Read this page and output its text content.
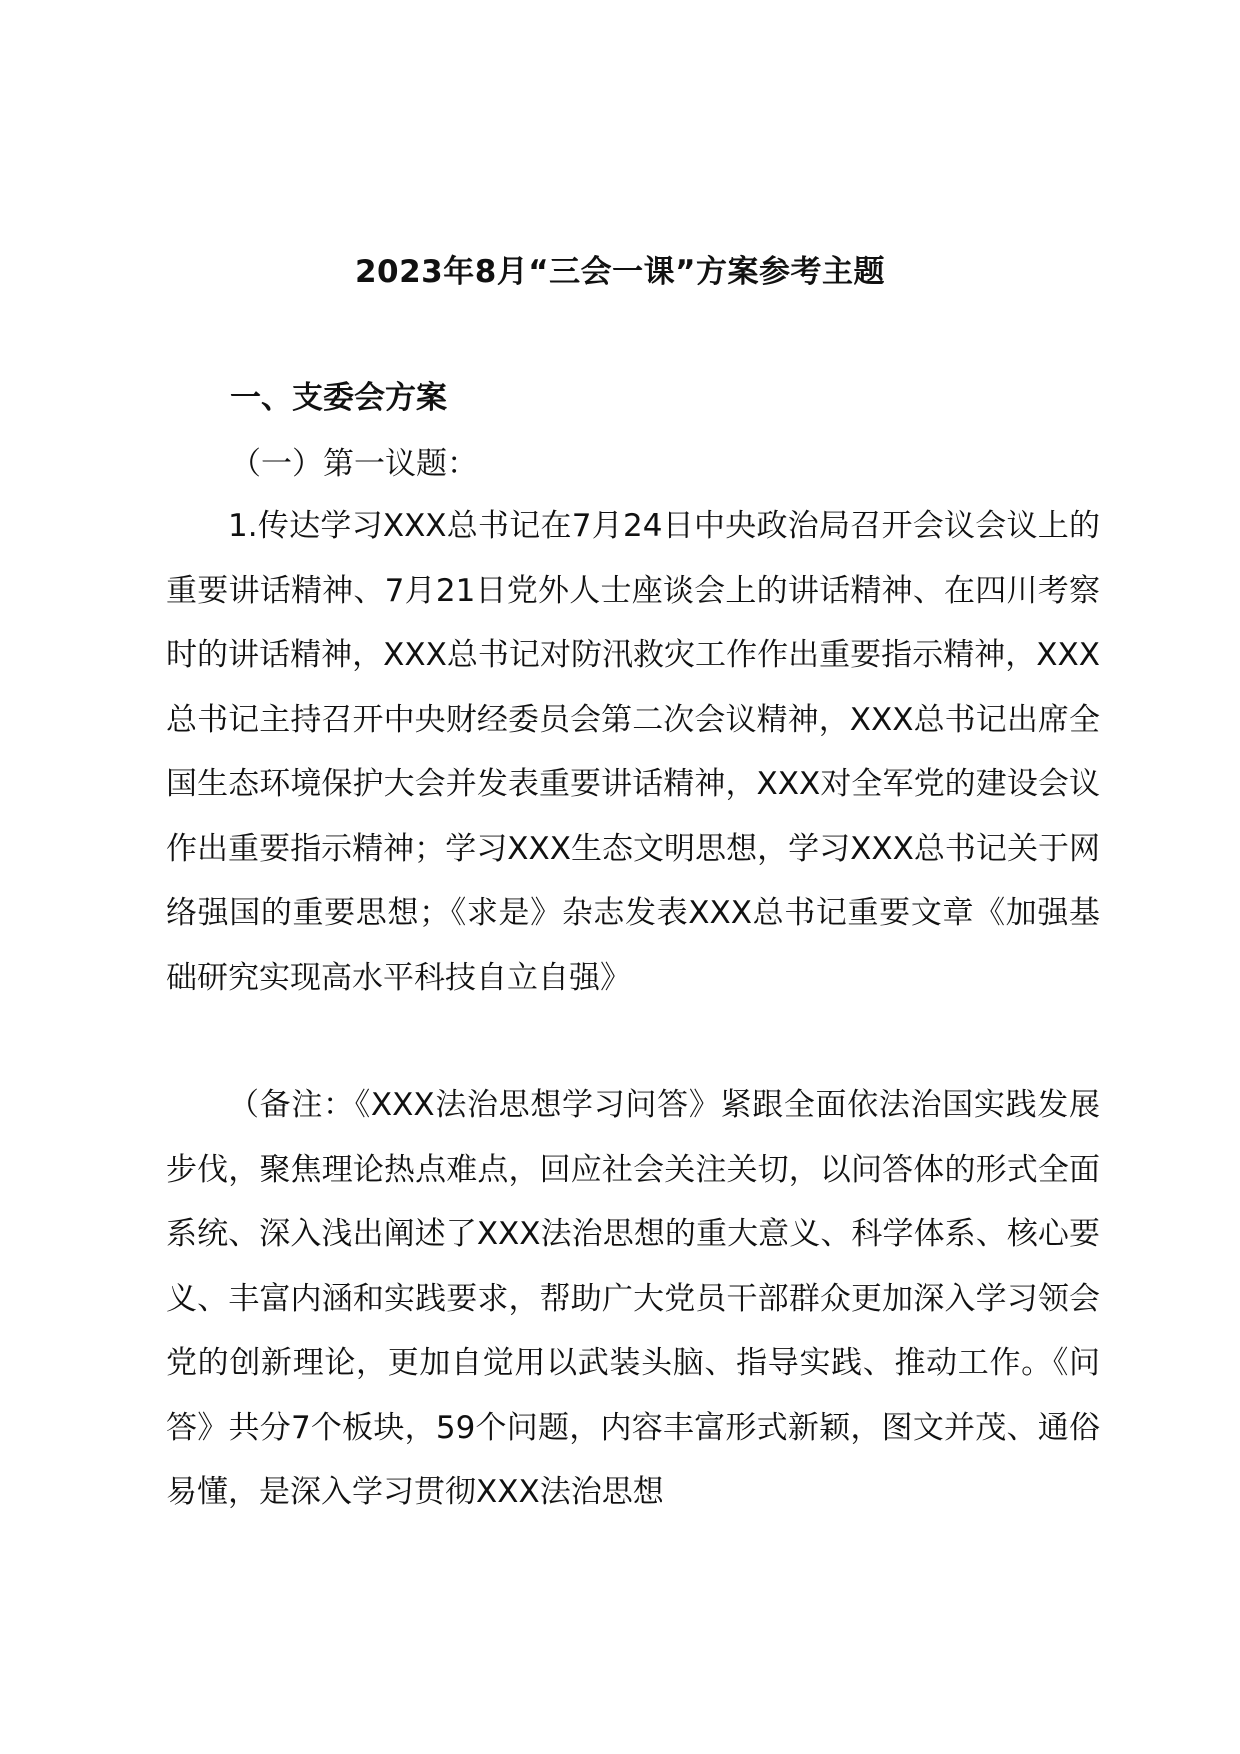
2023年8月“三会一课”方案参考主题
一、支委会方案
（一）第一议题：

1.传达学习XXX总书记在7月24日中央政治局召开会议会议上的重要讲话精神、7月21日党外人士座谈会上的讲话精神、在四川考察时的讲话精神，XXX总书记对防汛救灾工作作出重要指示精神，XXX总书记主持召开中央财经委员会第二次会议精神，XXX总书记出席全国生态环境保护大会并发表重要讲话精神，XXX对全军党的建设会议作出重要指示精神；学习XXX生态文明思想，学习XXX总书记关于网络强国的重要思想；《求是》杂志发表XXX总书记重要文章《加强基础研究实现高水平科技自立自强》

（备注：《XXX法治思想学习问答》紧跟全面依法治国实践发展步伐，聚焦理论热点难点，回应社会关注关切，以问答体的形式全面系统、深入浅出阐述了XXX法治思想的重大意义、科学体系、核心要义、丰富内涵和实践要求，帮助广大党员干部群众更加深入学习领会党的创新理论，更加自觉用以武装头脑、指导实践、推动工作。《问答》共分7个板块，59个问题，内容丰富形式新颖，图文并茂、通俗易懂，是深入学习贯彻XXX法治思想
